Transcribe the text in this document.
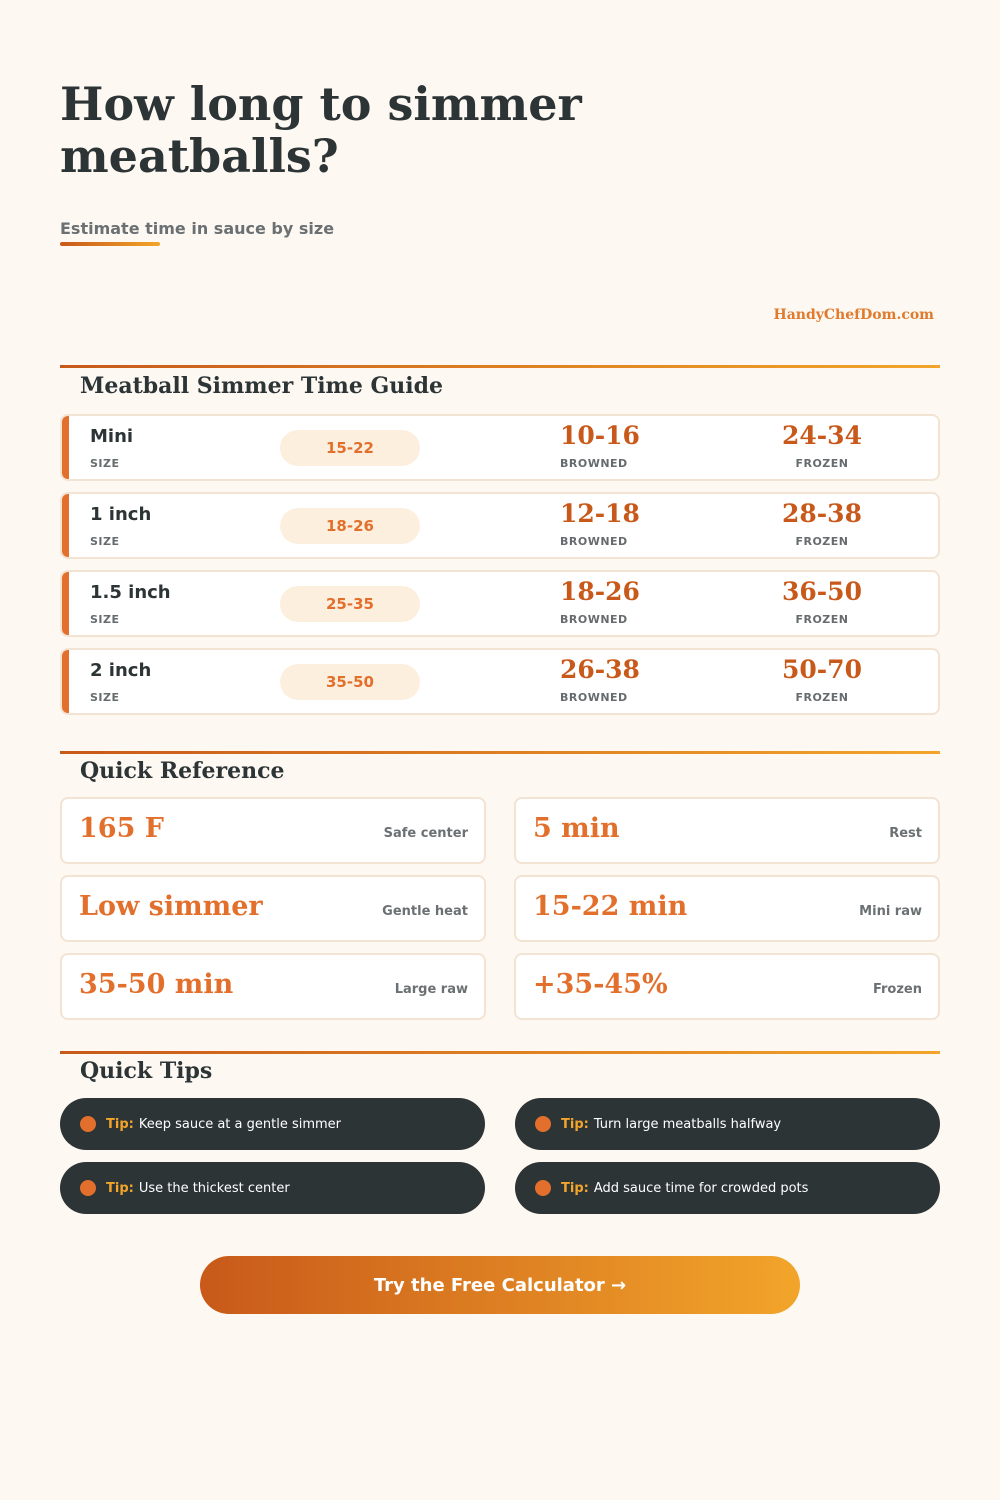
How long to simmer meatballs?
Estimate time in sauce by size
HandyChefDom.com
Meatball Simmer Time Guide
Mini
SIZE
15-22	10-16
BROWNED
24-34
FROZEN
1 inch
SIZE
18-26	12-18
BROWNED
28-38
FROZEN
1.5 inch
SIZE
25-35	18-26
BROWNED
36-50
FROZEN
2 inch
SIZE
35-50	26-38
BROWNED
50-70
FROZEN
Quick Reference
165 F	Safe center 5 min	Rest
Low simmer	Gentle heat 15-22 min	Mini raw
35-50 min	Large raw +35-45%	Frozen
Quick Tips
Tip: Keep sauce at a gentle simmer	Tip: Turn large meatballs halfway
Tip: Use the thickest center	Tip: Add sauce time for crowded pots
Try the Free Calculator →
